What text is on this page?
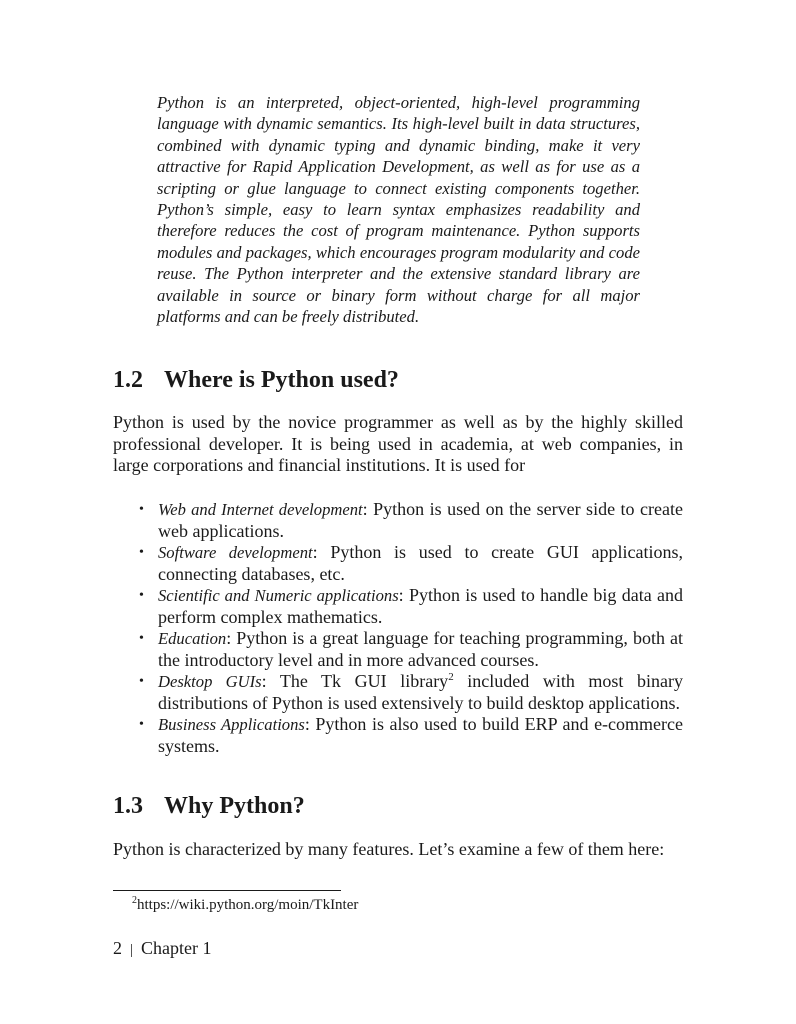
Python is an interpreted, object-oriented, high-level programming language with dynamic semantics. Its high-level built in data structures, combined with dynamic typing and dynamic binding, make it very attractive for Rapid Application Development, as well as for use as a scripting or glue language to connect existing components together. Python’s simple, easy to learn syntax emphasizes readability and therefore reduces the cost of program maintenance. Python supports modules and packages, which encourages program modularity and code reuse. The Python interpreter and the extensive standard library are available in source or binary form without charge for all major platforms and can be freely distributed.

1.2 Where is Python used?

Python is used by the novice programmer as well as by the highly skilled professional developer. It is being used in academia, at web companies, in large corporations and financial institutions. It is used for

• Web and Internet development: Python is used on the server side to create web applications.
• Software development: Python is used to create GUI applications, connecting databases, etc.
• Scientific and Numeric applications: Python is used to handle big data and perform complex mathematics.
• Education: Python is a great language for teaching programming, both at the introductory level and in more advanced courses.
• Desktop GUIs: The Tk GUI library$^2$ included with most binary distributions of Python is used extensively to build desktop applications.
• Business Applications: Python is also used to build ERP and e-commerce systems.
1.3 Why Python?

Python is characterized by many features. Let’s examine a few of them here:

$^2$https://wiki.python.org/moin/TkInter
2 | Chapter 1
